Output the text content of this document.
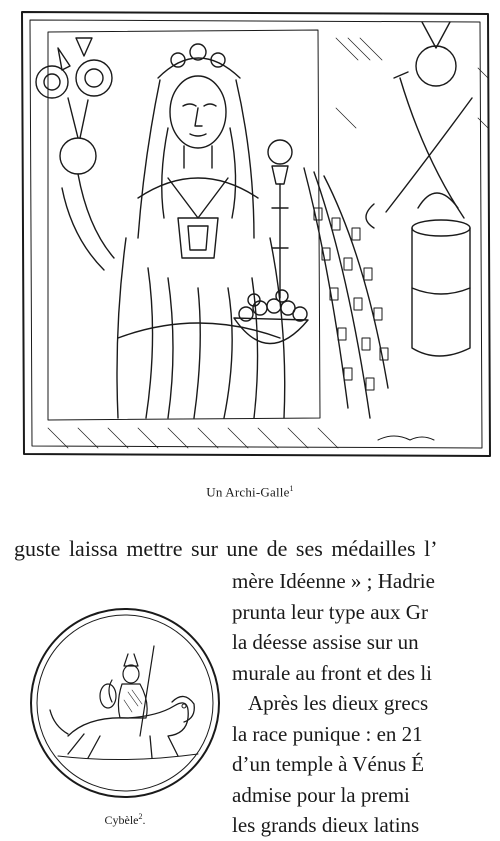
Un Archi-Galle$^1$
guste laissa mettre sur une de ses médailles l’
mère Idéenne » ; Hadrie
prunta leur type aux Gr
la déesse assise sur un
murale au front et des li
Après les dieux grecs
la race punique : en 21
d’un temple à Vénus É
admise pour la premi
les grands dieux latins
Cybèle$^2$.
